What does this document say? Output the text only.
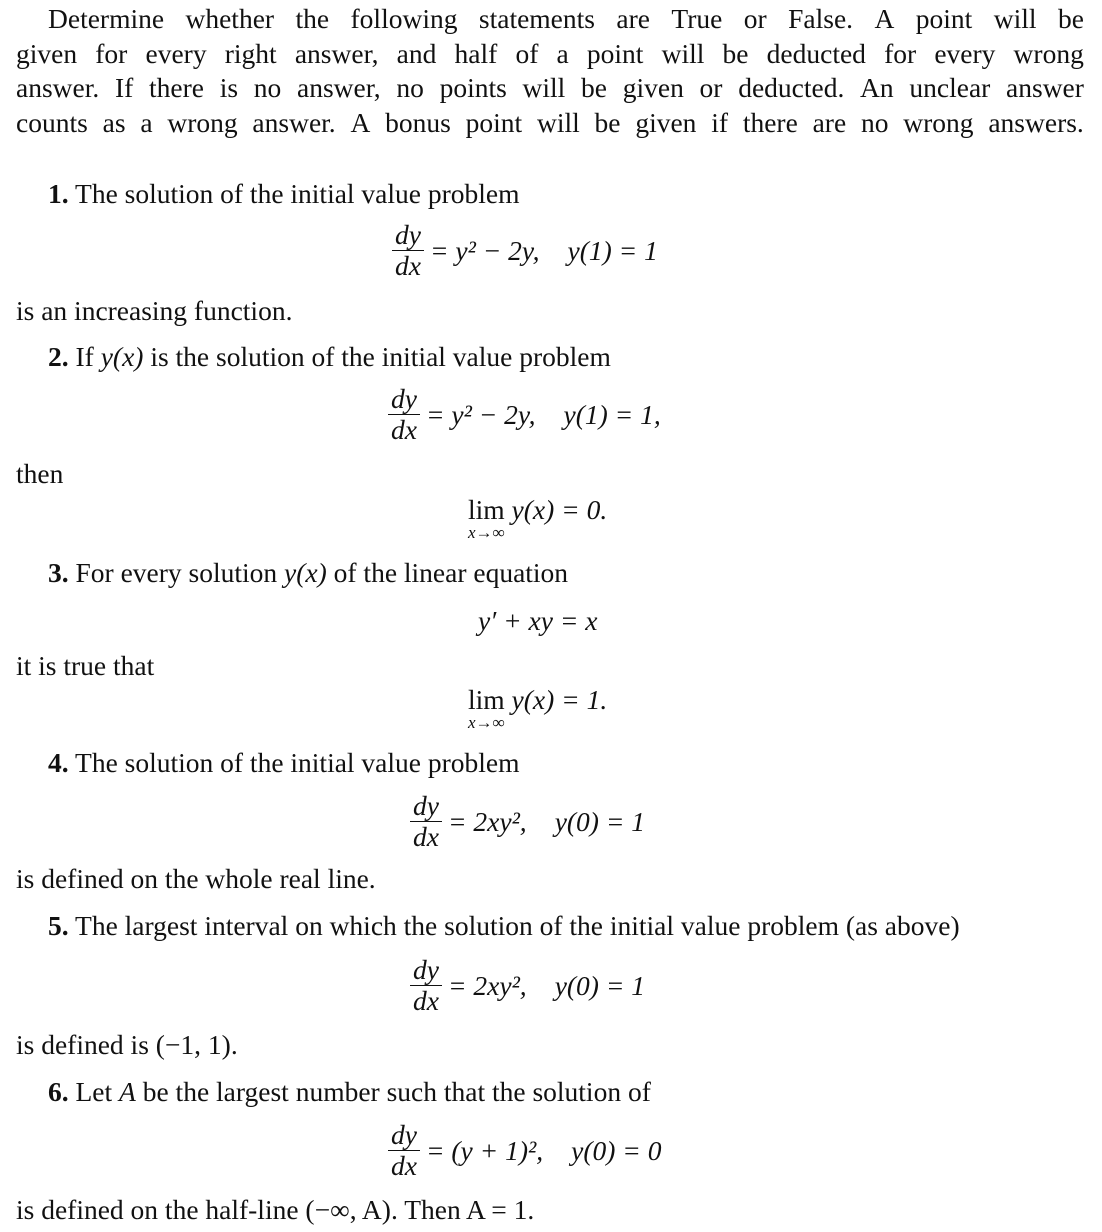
Determine whether the following statements are True or False. A point will be
given for every right answer, and half of a point will be deducted for every wrong
answer. If there is no answer, no points will be given or deducted. An unclear answer
counts as a wrong answer. A bonus point will be given if there are no wrong answers.
1. The solution of the initial value problem
$\frac{dy}{dx} = y^2 - 2y$, y(1) = 1
is an increasing function.
2. If y(x) is the solution of the initial value problem
$\frac{dy}{dx} = y^2 - 2y$, y(1) = 1,
then
lim y(x) = 0.
x→∞
3. For every solution y(x) of the linear equation
y′ + xy = x
it is true that
lim y(x) = 1.
x→∞
4. The solution of the initial value problem
$\frac{dy}{dx} = 2xy^2$, y(0) = 1
is defined on the whole real line.
5. The largest interval on which the solution of the initial value problem (as above)
$\frac{dy}{dx} = 2xy^2$, y(0) = 1
is defined is (−1, 1).
6. Let A be the largest number such that the solution of
$\frac{dy}{dx} = (y + 1)^2$, y(0) = 0
is defined on the half-line (−∞, A). Then A = 1.
